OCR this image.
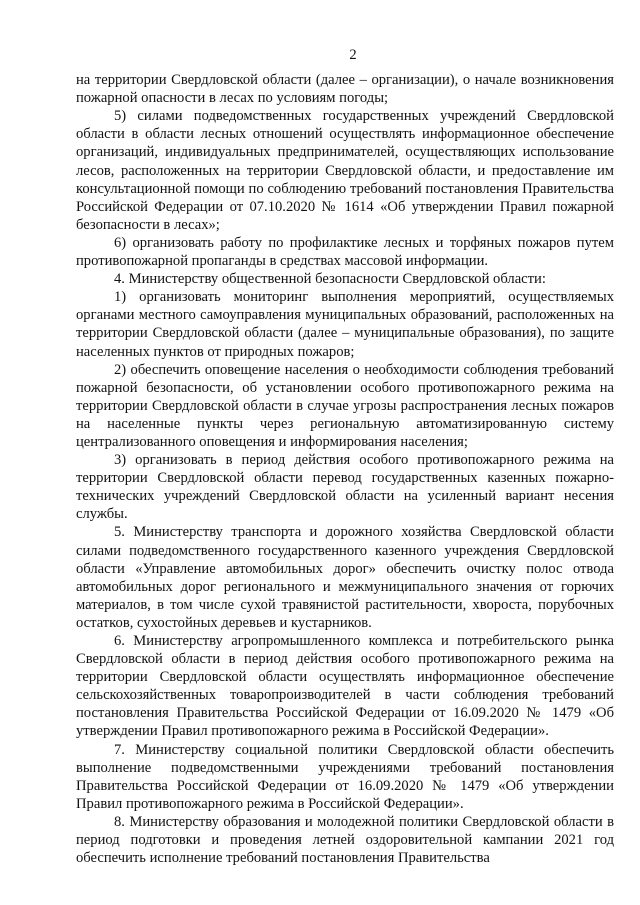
2

на территории Свердловской области (далее – организации), о начале возникновения пожарной опасности в лесах по условиям погоды;

5) силами подведомственных государственных учреждений Свердловской области в области лесных отношений осуществлять информационное обеспечение организаций, индивидуальных предпринимателей, осуществляющих использование лесов, расположенных на территории Свердловской области, и предоставление им консультационной помощи по соблюдению требований постановления Правительства Российской Федерации от 07.10.2020 № 1614 «Об утверждении Правил пожарной безопасности в лесах»;

6) организовать работу по профилактике лесных и торфяных пожаров путем противопожарной пропаганды в средствах массовой информации.

4. Министерству общественной безопасности Свердловской области:

1) организовать мониторинг выполнения мероприятий, осуществляемых органами местного самоуправления муниципальных образований, расположенных на территории Свердловской области (далее – муниципальные образования), по защите населенных пунктов от природных пожаров;

2) обеспечить оповещение населения о необходимости соблюдения требований пожарной безопасности, об установлении особого противопожарного режима на территории Свердловской области в случае угрозы распространения лесных пожаров на населенные пункты через региональную автоматизированную систему централизованного оповещения и информирования населения;

3) организовать в период действия особого противопожарного режима на территории Свердловской области перевод государственных казенных пожарно-технических учреждений Свердловской области на усиленный вариант несения службы.

5. Министерству транспорта и дорожного хозяйства Свердловской области силами подведомственного государственного казенного учреждения Свердловской области «Управление автомобильных дорог» обеспечить очистку полос отвода автомобильных дорог регионального и межмуниципального значения от горючих материалов, в том числе сухой травянистой растительности, хвороста, порубочных остатков, сухостойных деревьев и кустарников.

6. Министерству агропромышленного комплекса и потребительского рынка Свердловской области в период действия особого противопожарного режима на территории Свердловской области осуществлять информационное обеспечение сельскохозяйственных товаропроизводителей в части соблюдения требований постановления Правительства Российской Федерации от 16.09.2020 № 1479 «Об утверждении Правил противопожарного режима в Российской Федерации».

7. Министерству социальной политики Свердловской области обеспечить выполнение подведомственными учреждениями требований постановления Правительства Российской Федерации от 16.09.2020 № 1479 «Об утверждении Правил противопожарного режима в Российской Федерации».

8. Министерству образования и молодежной политики Свердловской области в период подготовки и проведения летней оздоровительной кампании 2021 год обеспечить исполнение требований постановления Правительства
